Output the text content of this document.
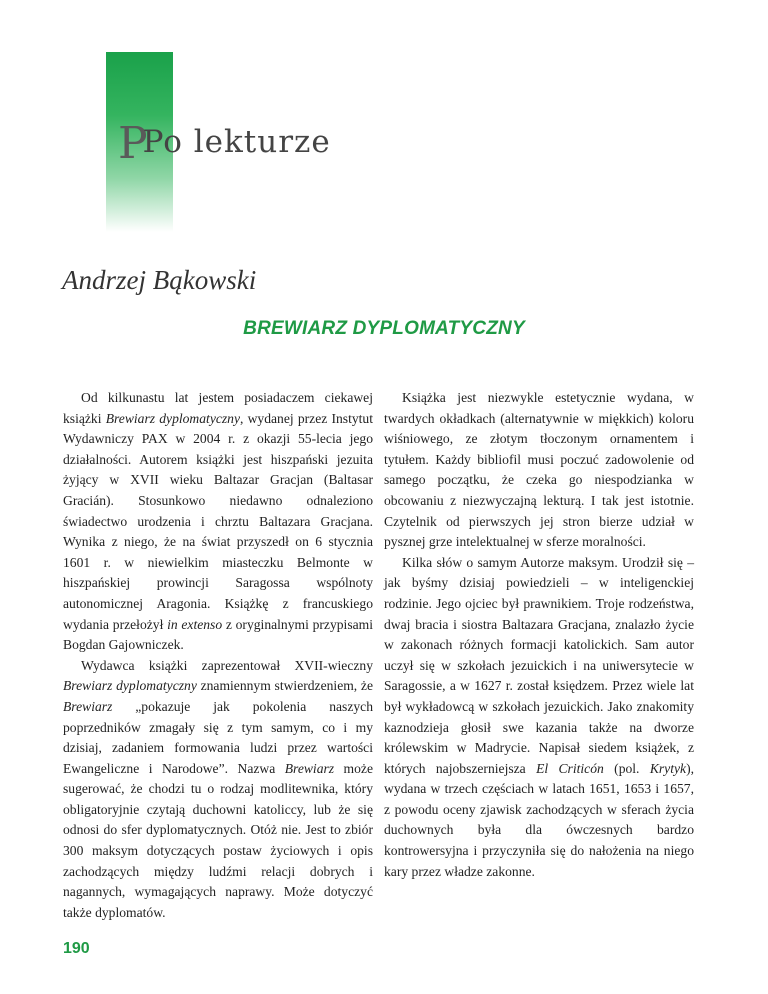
PPo lekturze
Andrzej Bąkowski
BREWIARZ DYPLOMATYCZNY

Od kilkunastu lat jestem posiadaczem ciekawej książki Brewiarz dyplomatyczny, wydanej przez Instytut Wydawniczy PAX w 2004 r. z okazji 55-lecia jego działalności. Autorem książki jest hiszpański jezuita żyjący w XVII wieku Baltazar Gracjan (Baltasar Gracián). Stosunkowo niedawno odnaleziono świadectwo urodzenia i chrztu Baltazara Gracjana. Wynika z niego, że na świat przyszedł on 6 stycznia 1601 r. w niewielkim miasteczku Belmonte w hiszpańskiej prowincji Saragossa wspólnoty autonomicznej Aragonia. Książkę z francuskiego wydania przełożył in extenso z oryginalnymi przypisami Bogdan Gajowniczek.

Wydawca książki zaprezentował XVII-wieczny Brewiarz dyplomatyczny znamiennym stwierdzeniem, że Brewiarz „pokazuje jak pokolenia naszych poprzedników zmagały się z tym samym, co i my dzisiaj, zadaniem formowania ludzi przez wartości Ewangeliczne i Narodowe”. Nazwa Brewiarz może sugerować, że chodzi tu o rodzaj modlitewnika, który obligatoryjnie czytają duchowni katoliccy, lub że się odnosi do sfer dyplomatycznych. Otóż nie. Jest to zbiór 300 maksym dotyczących postaw życiowych i opis zachodzących między ludźmi relacji dobrych i nagannych, wymagających naprawy. Może dotyczyć także dyplomatów.

Książka jest niezwykle estetycznie wydana, w twardych okładkach (alternatywnie w miękkich) koloru wiśniowego, ze złotym tłoczonym ornamentem i tytułem. Każdy bibliofil musi poczuć zadowolenie od samego początku, że czeka go niespodzianka w obcowaniu z niezwyczajną lekturą. I tak jest istotnie. Czytelnik od pierwszych jej stron bierze udział w pysznej grze intelektualnej w sferze moralności.

Kilka słów o samym Autorze maksym. Urodził się – jak byśmy dzisiaj powiedzieli – w inteligenckiej rodzinie. Jego ojciec był prawnikiem. Troje rodzeństwa, dwaj bracia i siostra Baltazara Gracjana, znalazło życie w zakonach różnych formacji katolickich. Sam autor uczył się w szkołach jezuickich i na uniwersytecie w Saragossie, a w 1627 r. został księdzem. Przez wiele lat był wykładowcą w szkołach jezuickich. Jako znakomity kaznodzieja głosił swe kazania także na dworze królewskim w Madrycie. Napisał siedem książek, z których najobszerniejsza El Criticón (pol. Krytyk), wydana w trzech częściach w latach 1651, 1653 i 1657, z powodu oceny zjawisk zachodzących w sferach życia duchownych była dla ówczesnych bardzo kontrowersyjna i przyczyniła się do nałożenia na niego kary przez władze zakonne.

190
